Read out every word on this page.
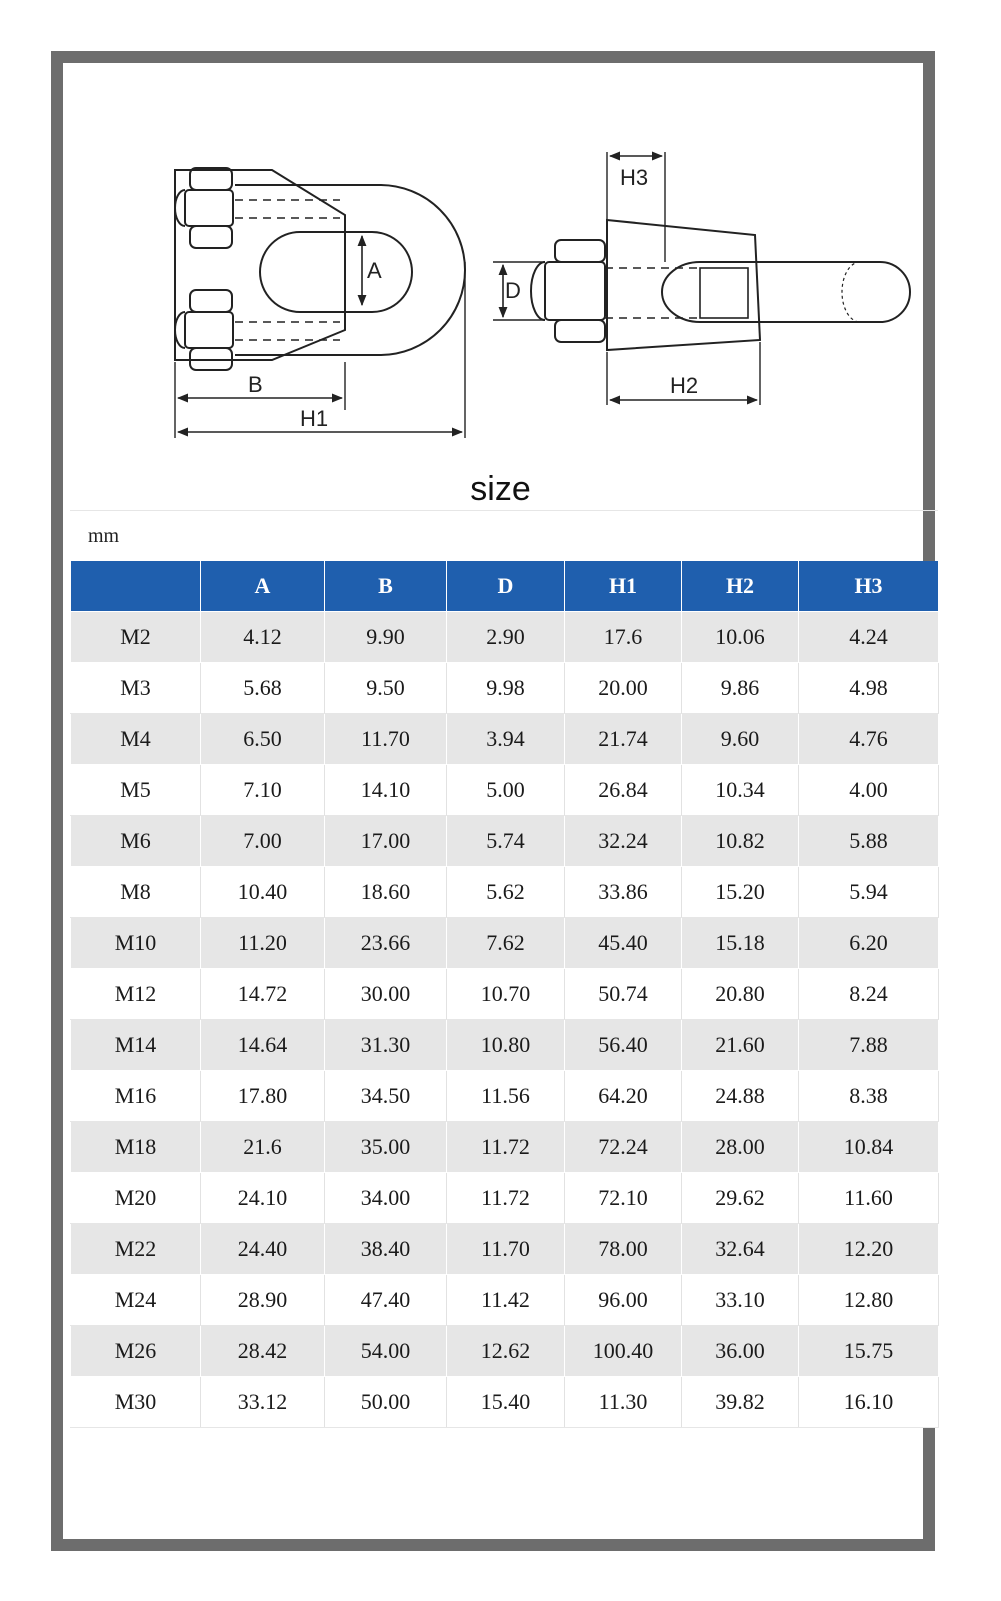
A
B
H1
D
H2
H3
size
mm
	A	B	D	H1	H2	H3
M2	4.12	9.90	2.90	17.6	10.06	4.24
M3	5.68	9.50	9.98	20.00	9.86	4.98
M4	6.50	11.70	3.94	21.74	9.60	4.76
M5	7.10	14.10	5.00	26.84	10.34	4.00
M6	7.00	17.00	5.74	32.24	10.82	5.88
M8	10.40	18.60	5.62	33.86	15.20	5.94
M10	11.20	23.66	7.62	45.40	15.18	6.20
M12	14.72	30.00	10.70	50.74	20.80	8.24
M14	14.64	31.30	10.80	56.40	21.60	7.88
M16	17.80	34.50	11.56	64.20	24.88	8.38
M18	21.6	35.00	11.72	72.24	28.00	10.84
M20	24.10	34.00	11.72	72.10	29.62	11.60
M22	24.40	38.40	11.70	78.00	32.64	12.20
M24	28.90	47.40	11.42	96.00	33.10	12.80
M26	28.42	54.00	12.62	100.40	36.00	15.75
M30	33.12	50.00	15.40	11.30	39.82	16.10
